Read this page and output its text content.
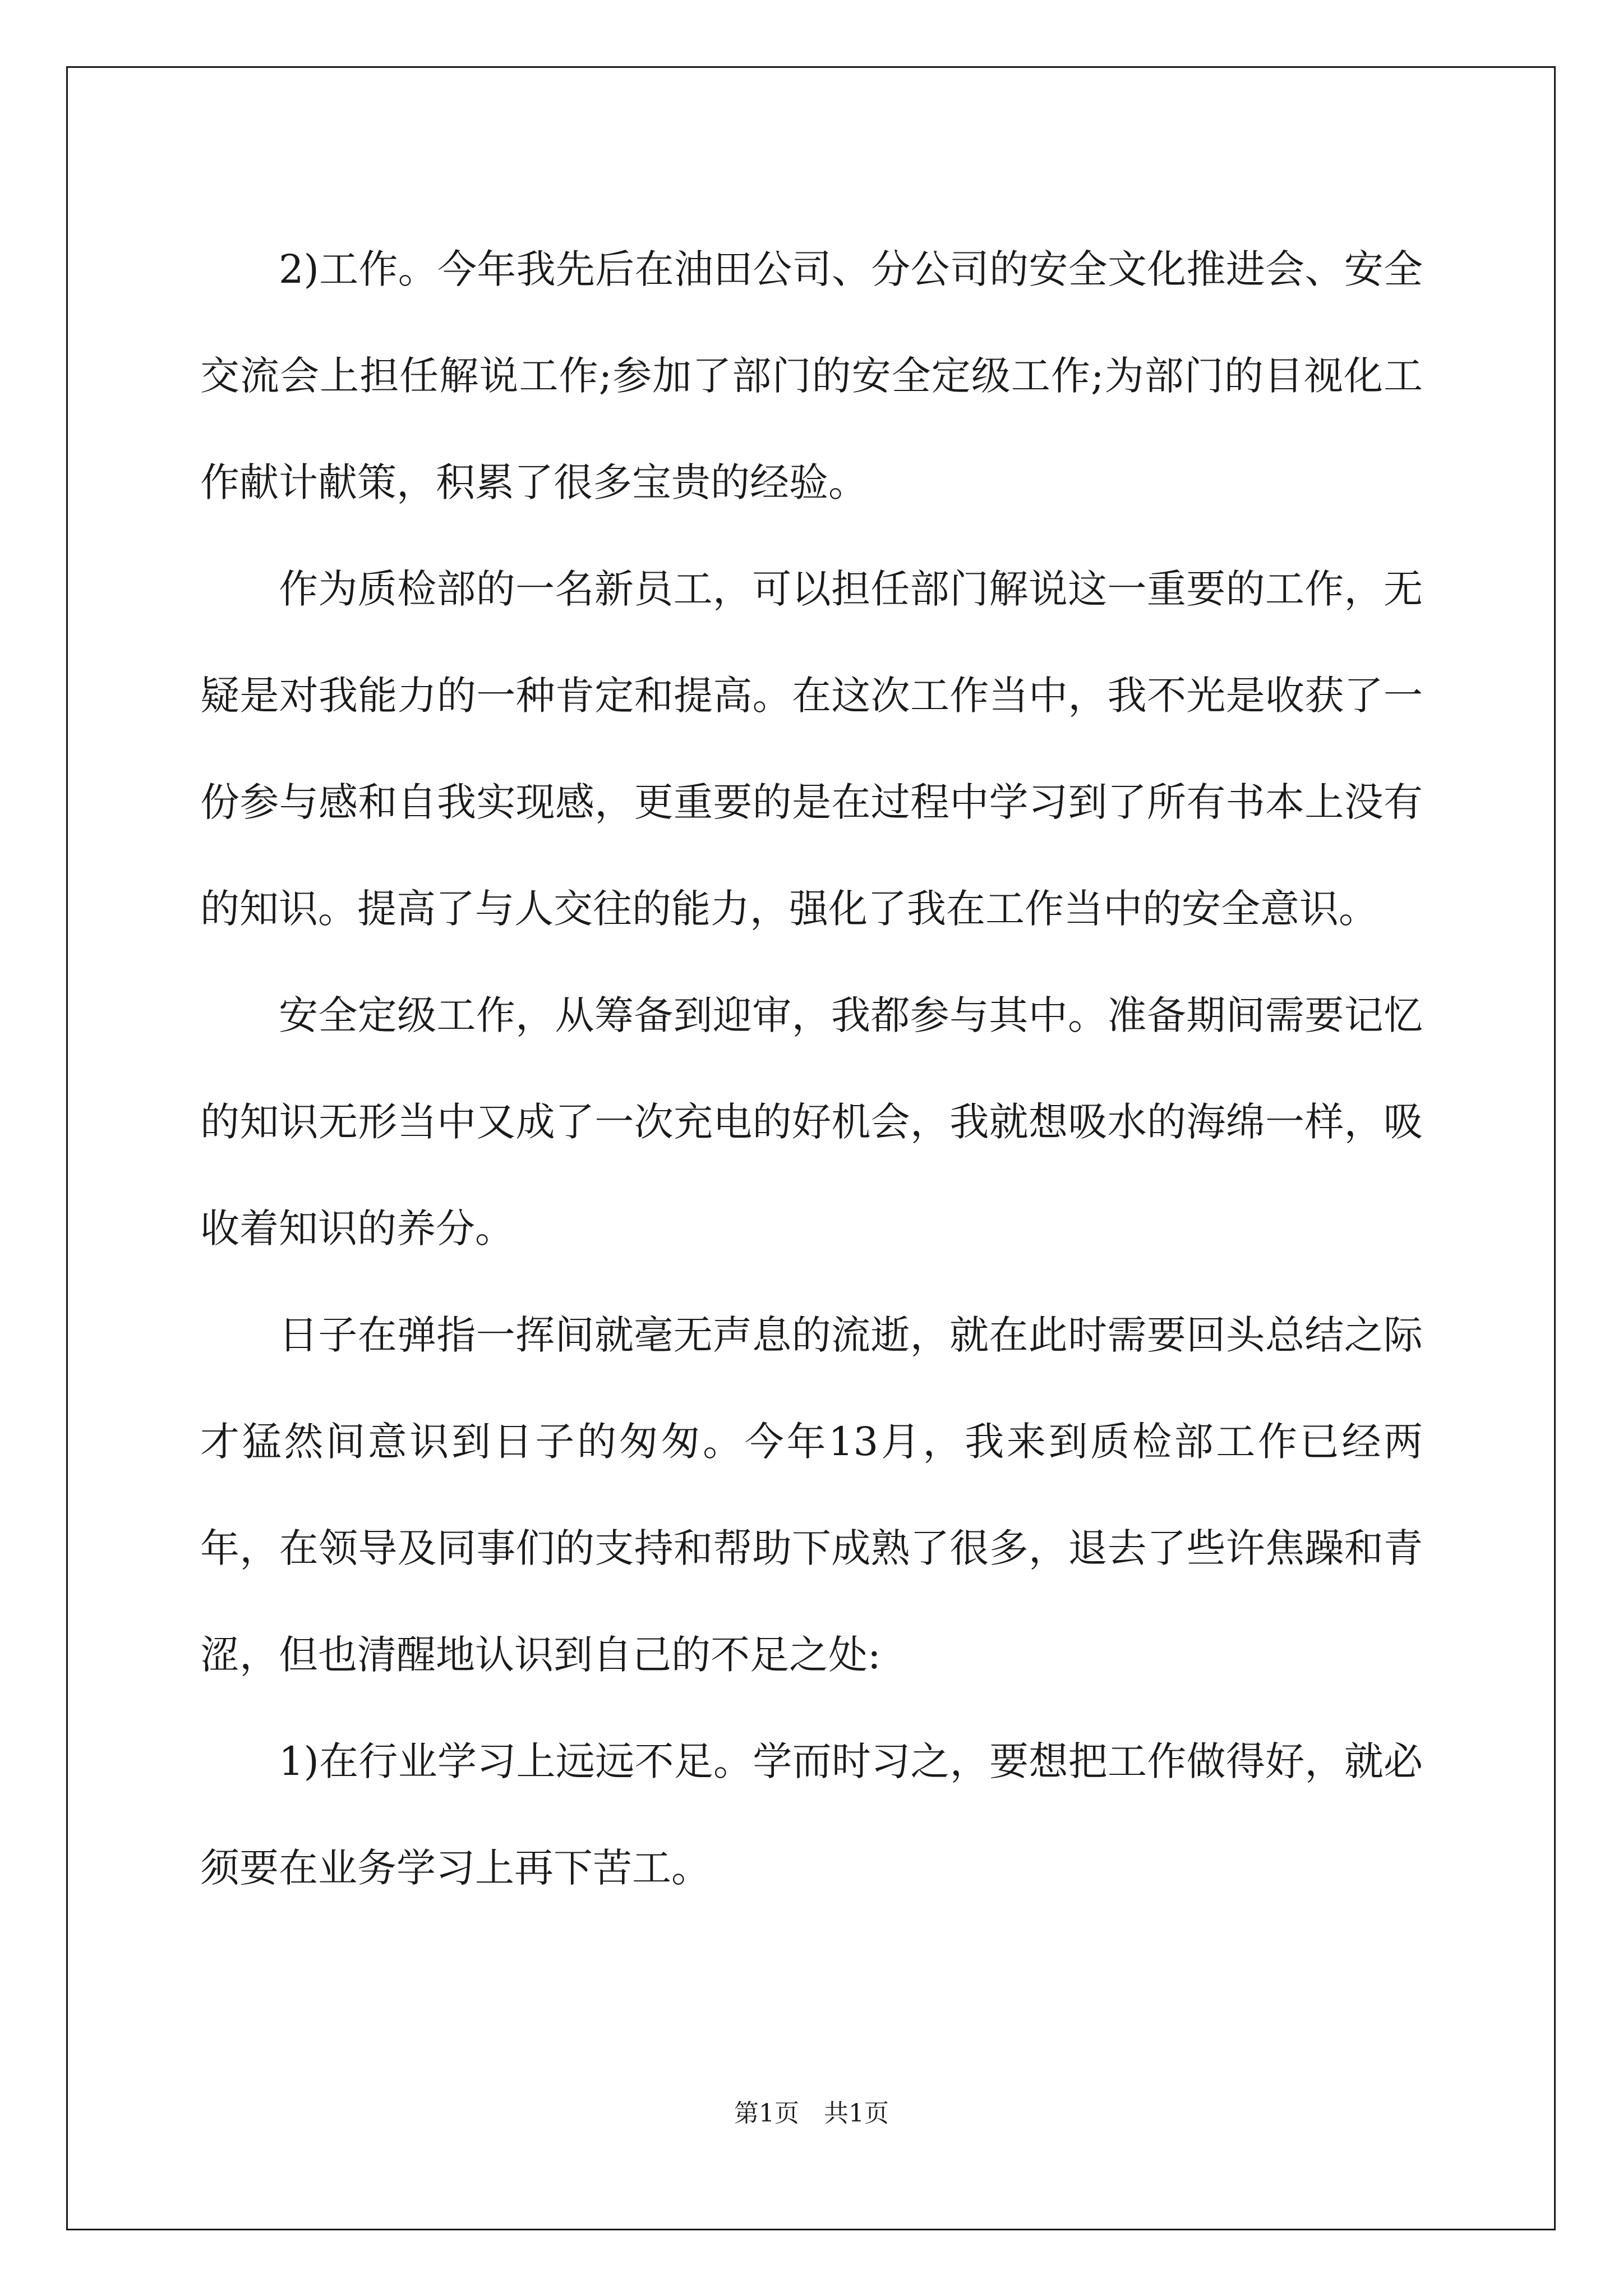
2)工作。今年我先后在油田公司、分公司的安全文化推进会、安全交流会上担任解说工作;参加了部门的安全定级工作;为部门的目视化工作献计献策，积累了很多宝贵的经验。

作为质检部的一名新员工，可以担任部门解说这一重要的工作，无疑是对我能力的一种肯定和提高。在这次工作当中，我不光是收获了一份参与感和自我实现感，更重要的是在过程中学习到了所有书本上没有的知识。提高了与人交往的能力，强化了我在工作当中的安全意识。

安全定级工作，从筹备到迎审，我都参与其中。准备期间需要记忆的知识无形当中又成了一次充电的好机会，我就想吸水的海绵一样，吸收着知识的养分。

日子在弹指一挥间就毫无声息的流逝，就在此时需要回头总结之际才猛然间意识到日子的匆匆。今年13月，我来到质检部工作已经两年，在领导及同事们的支持和帮助下成熟了很多，退去了些许焦躁和青涩，但也清醒地认识到自己的不足之处:

1)在行业学习上远远不足。学而时习之，要想把工作做得好，就必须要在业务学习上再下苦工。

第1页　共1页
